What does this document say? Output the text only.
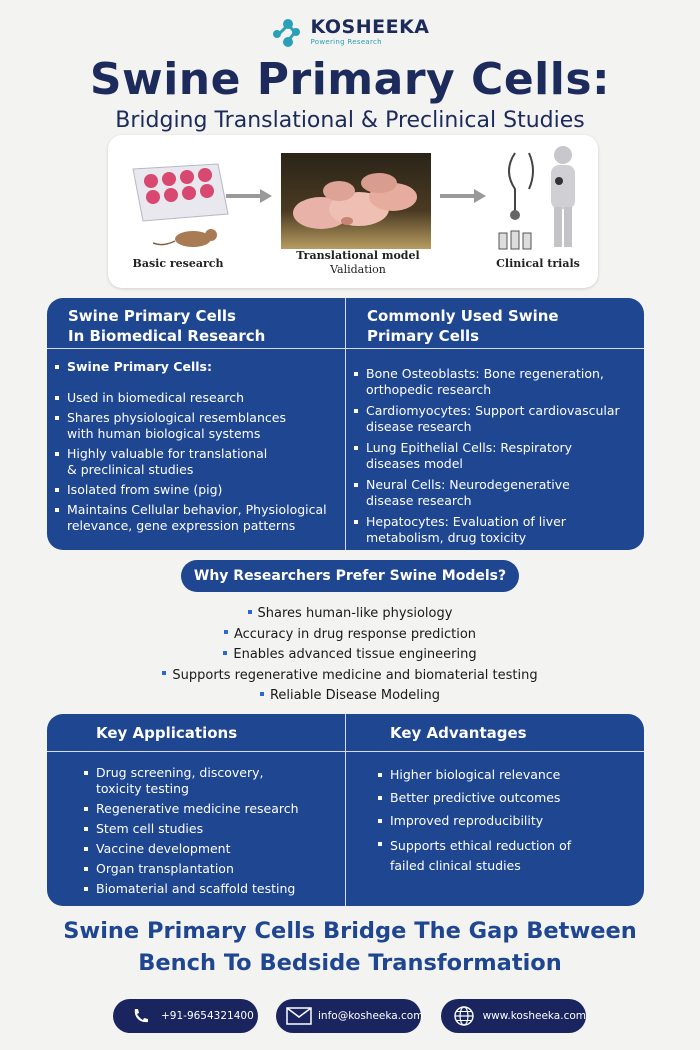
KOSHEEKA
Powering Research
Swine Primary Cells:
Bridging Translational & Preclinical Studies
Basic research
Translational model
Validation	Clinical trials
Swine Primary Cells
In Biomedical Research
Commonly Used Swine
Primary Cells
Swine Primary Cells:
Used in biomedical research
Shares physiological resemblances
with human biological systems
Highly valuable for translational
& preclinical studies
Isolated from swine (pig)
Maintains Cellular behavior, Physiological
relevance, gene expression patterns
Bone Osteoblasts: Bone regeneration,
orthopedic research
Cardiomyocytes: Support cardiovascular
disease research
Lung Epithelial Cells: Respiratory
diseases model
Neural Cells: Neurodegenerative
disease research
Hepatocytes: Evaluation of liver
metabolism, drug toxicity
Why Researchers Prefer Swine Models?
Shares human-like physiology
Accuracy in drug response prediction
Enables advanced tissue engineering
Supports regenerative medicine and biomaterial testing
Reliable Disease Modeling
Key Applications	Key Advantages
Drug screening, discovery,
toxicity testing
Regenerative medicine research
Stem cell studies
Vaccine development
Organ transplantation
Biomaterial and scaffold testing
Higher biological relevance
Better predictive outcomes
Improved reproducibility
Supports ethical reduction of
failed clinical studies
Swine Primary Cells Bridge The Gap Between
Bench To Bedside Transformation
+91-9654321400	info@kosheeka.com	www.kosheeka.com
